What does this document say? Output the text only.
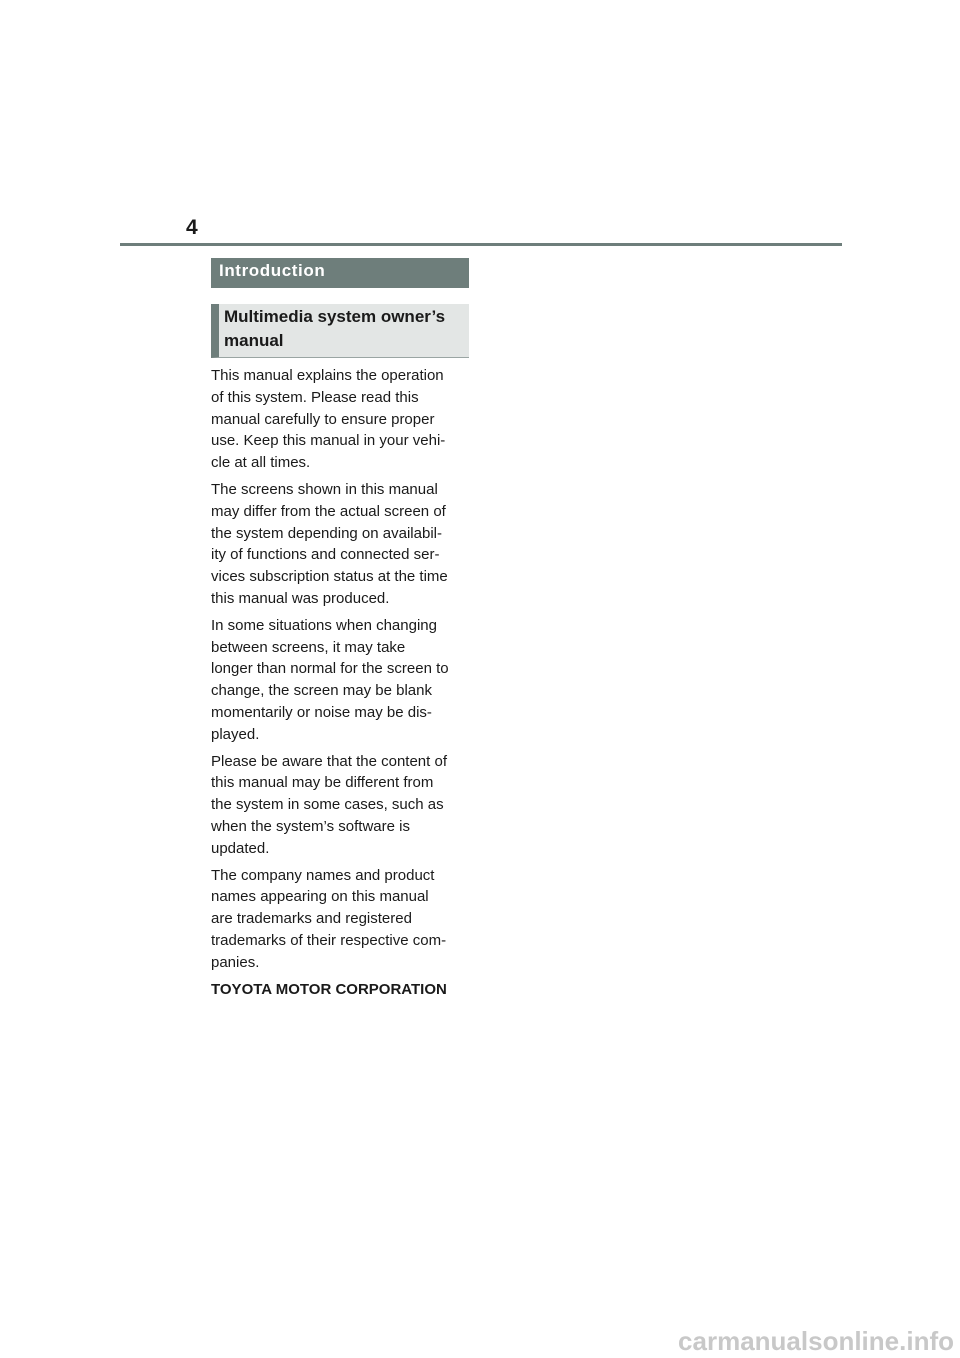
4
Introduction
Multimedia system owner’s
manual

This manual explains the operation
of this system. Please read this
manual carefully to ensure proper
use. Keep this manual in your vehi-
cle at all times.

The screens shown in this manual
may differ from the actual screen of
the system depending on availabil-
ity of functions and connected ser-
vices subscription status at the time
this manual was produced.

In some situations when changing
between screens, it may take
longer than normal for the screen to
change, the screen may be blank
momentarily or noise may be dis-
played.

Please be aware that the content of
this manual may be different from
the system in some cases, such as
when the system’s software is
updated.

The company names and product
names appearing on this manual
are trademarks and registered
trademarks of their respective com-
panies.

TOYOTA MOTOR CORPORATION

carmanualsonline.info
